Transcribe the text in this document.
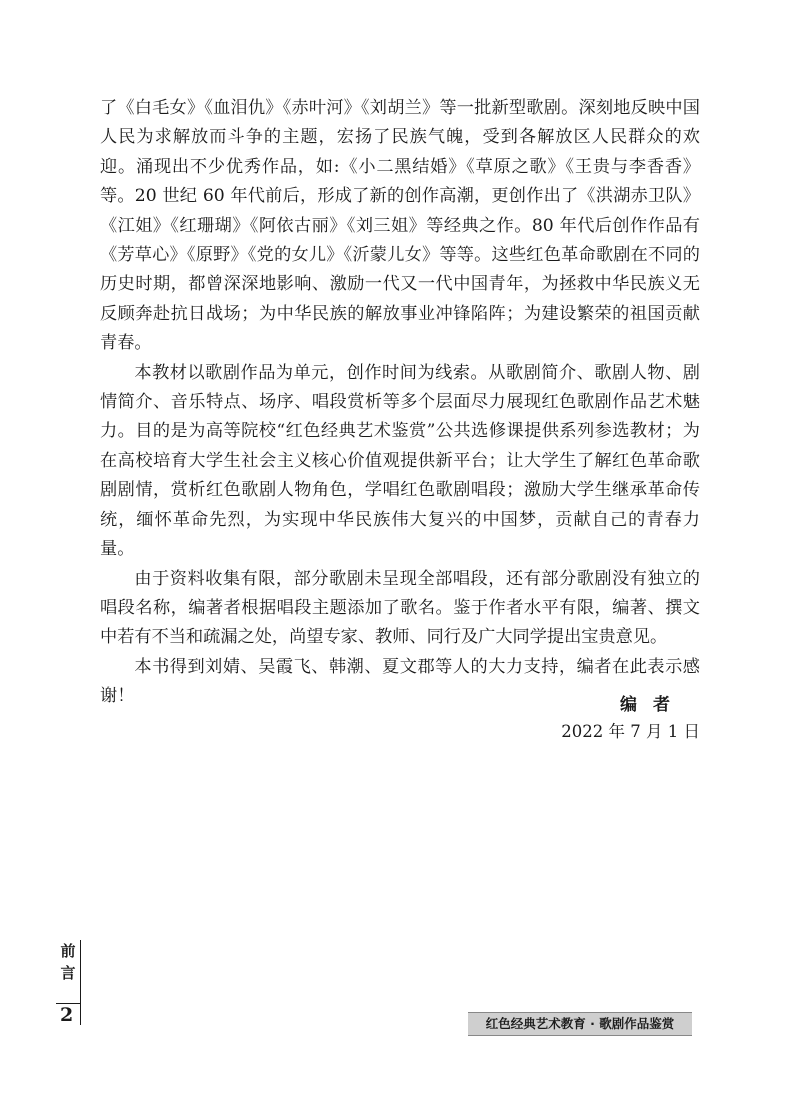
了《白毛女》《血泪仇》《赤叶河》《刘胡兰》等一批新型歌剧。深刻地反映中国人民为求解放而斗争的主题，宏扬了民族气魄，受到各解放区人民群众的欢迎。涌现出不少优秀作品，如:《小二黑结婚》《草原之歌》《王贵与李香香》等。20 世纪 60 年代前后，形成了新的创作高潮，更创作出了《洪湖赤卫队》《江姐》《红珊瑚》《阿依古丽》《刘三姐》等经典之作。80 年代后创作作品有《芳草心》《原野》《党的女儿》《沂蒙儿女》等等。这些红色革命歌剧在不同的历史时期，都曾深深地影响、激励一代又一代中国青年，为拯救中华民族义无反顾奔赴抗日战场；为中华民族的解放事业冲锋陷阵；为建设繁荣的祖国贡献青春。

本教材以歌剧作品为单元，创作时间为线索。从歌剧简介、歌剧人物、剧情简介、音乐特点、场序、唱段赏析等多个层面尽力展现红色歌剧作品艺术魅力。目的是为高等院校“红色经典艺术鉴赏”公共选修课提供系列参选教材；为在高校培育大学生社会主义核心价值观提供新平台；让大学生了解红色革命歌剧剧情，赏析红色歌剧人物角色，学唱红色歌剧唱段；激励大学生继承革命传统，缅怀革命先烈，为实现中华民族伟大复兴的中国梦，贡献自己的青春力量。

由于资料收集有限，部分歌剧未呈现全部唱段，还有部分歌剧没有独立的唱段名称，编著者根据唱段主题添加了歌名。鉴于作者水平有限，编著、撰文中若有不当和疏漏之处，尚望专家、教师、同行及广大同学提出宝贵意见。

本书得到刘婧、吴霞飞、韩潮、夏文郡等人的大力支持，编者在此表示感谢！	编者
2022 年 7 月 1 日
前
言
2	红色经典艺术教育 · 歌剧作品鉴赏
